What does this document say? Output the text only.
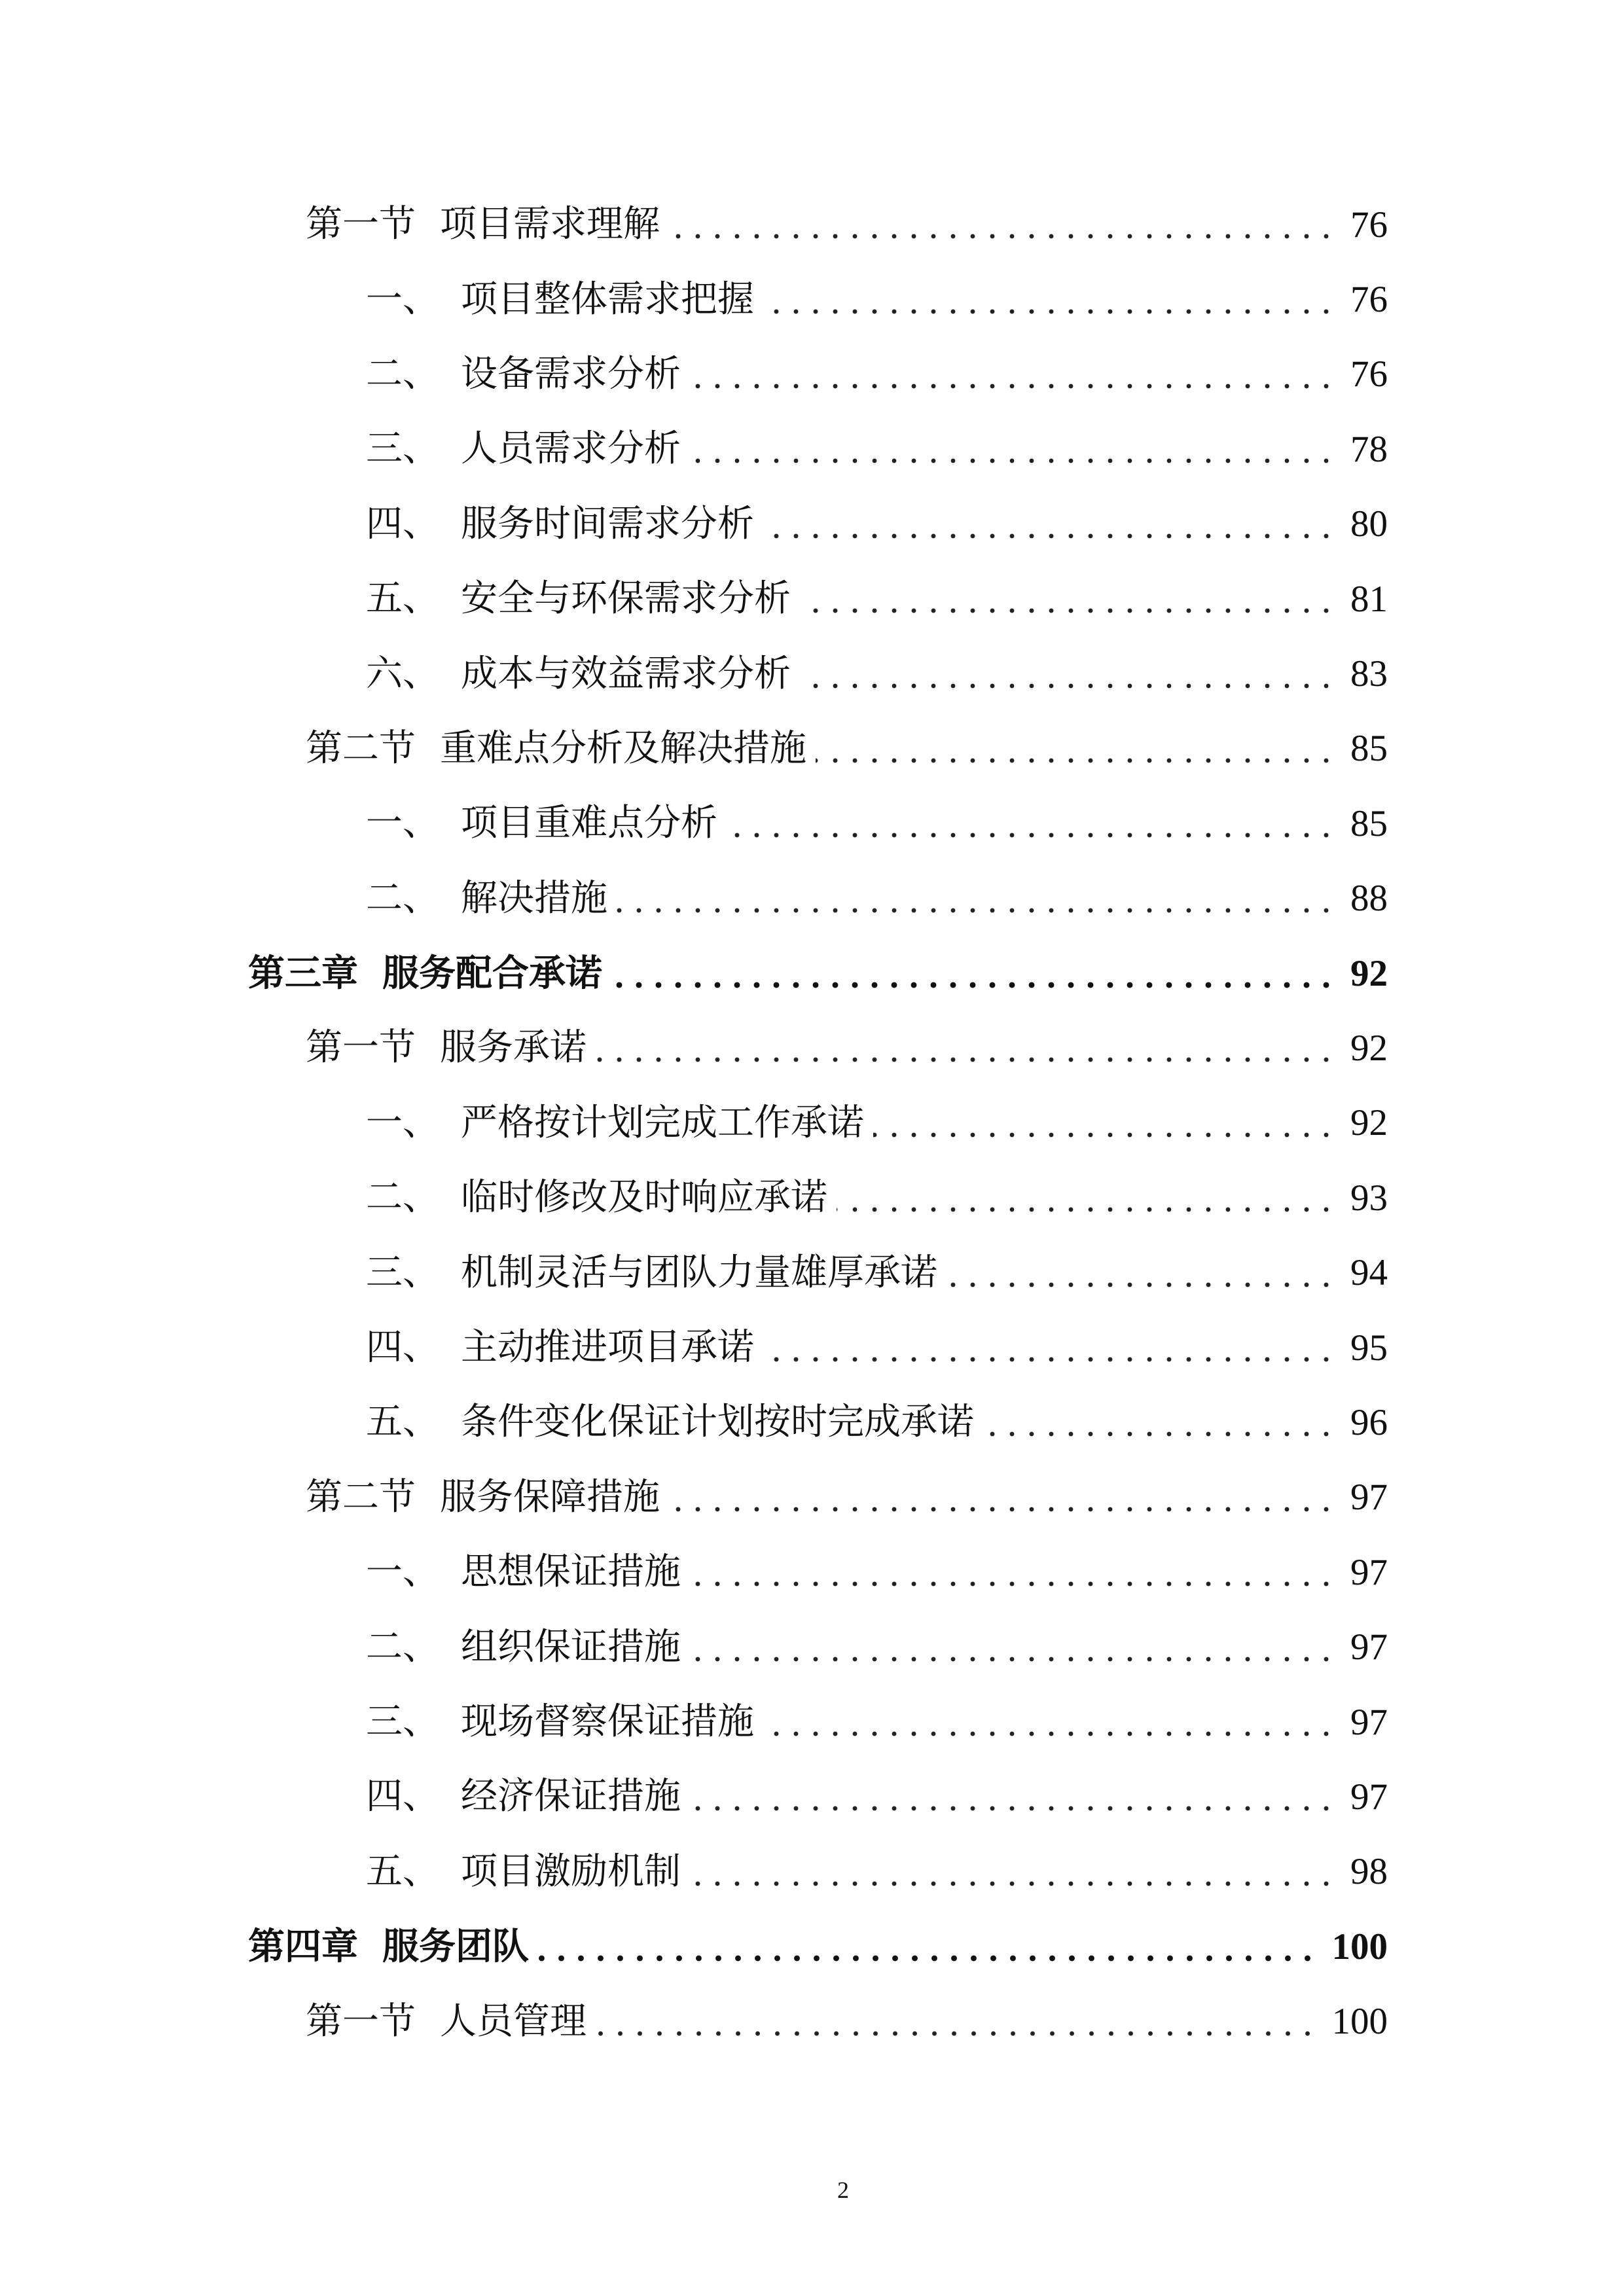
第一节 项目需求理解	76
一、 项目整体需求把握	76
二、 设备需求分析	76
三、 人员需求分析	78
四、 服务时间需求分析	80
五、 安全与环保需求分析	81
六、 成本与效益需求分析	83
第二节 重难点分析及解决措施	85
一、 项目重难点分析	85
二、 解决措施	88
第三章 服务配合承诺	92
第一节 服务承诺	92
一、 严格按计划完成工作承诺	92
二、 临时修改及时响应承诺	93
三、 机制灵活与团队力量雄厚承诺	94
四、 主动推进项目承诺	95
五、 条件变化保证计划按时完成承诺	96
第二节 服务保障措施	97
一、 思想保证措施	97
二、 组织保证措施	97
三、 现场督察保证措施	97
四、 经济保证措施	97
五、 项目激励机制	98
第四章 服务团队	100
第一节 人员管理	100
2
